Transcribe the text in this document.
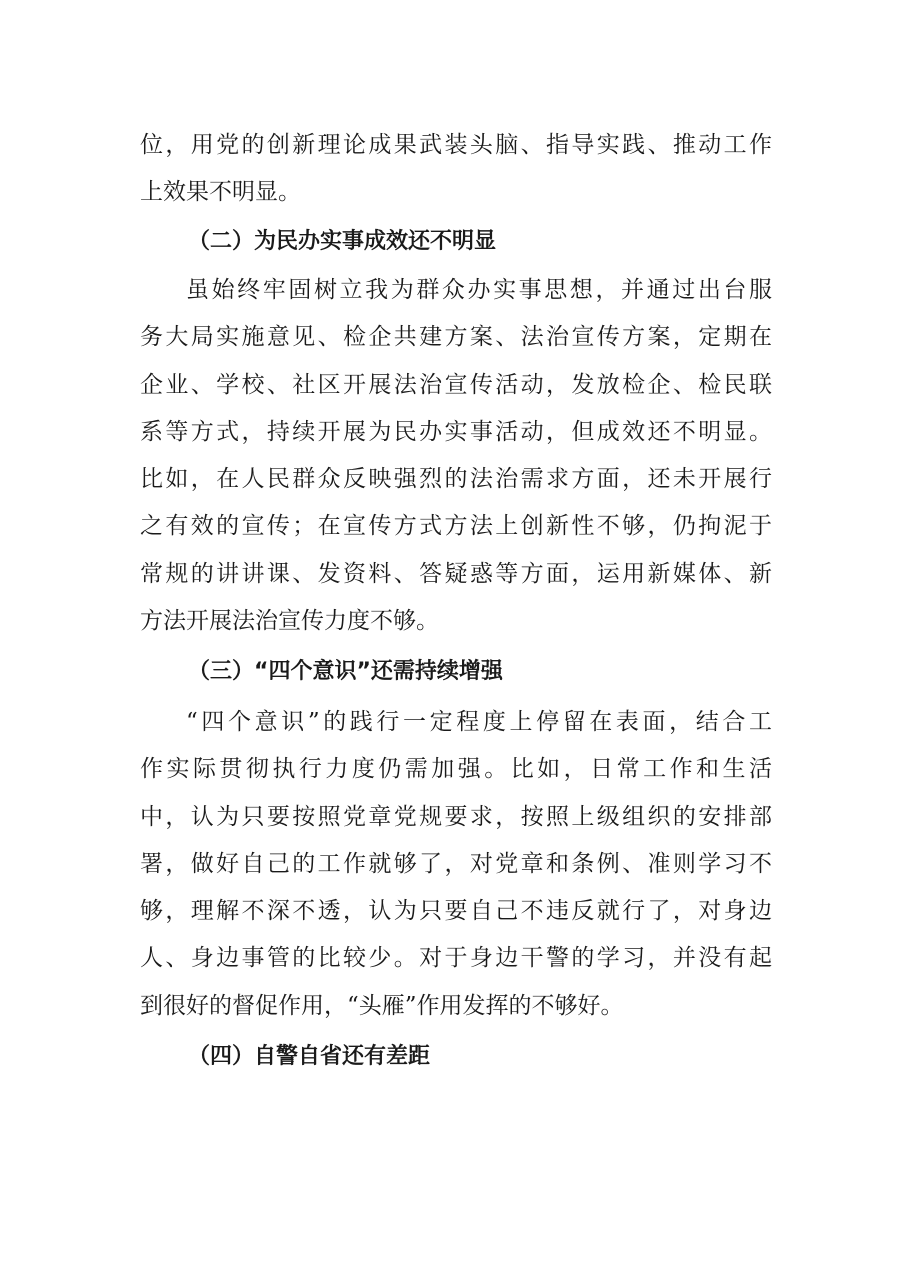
位，用党的创新理论成果武装头脑、指导实践、推动工作
上效果不明显。
（二）为民办实事成效还不明显
虽始终牢固树立我为群众办实事思想，并通过出台服
务大局实施意见、检企共建方案、法治宣传方案，定期在
企业、学校、社区开展法治宣传活动，发放检企、检民联
系等方式，持续开展为民办实事活动，但成效还不明显。
比如，在人民群众反映强烈的法治需求方面，还未开展行
之有效的宣传；在宣传方式方法上创新性不够，仍拘泥于
常规的讲讲课、发资料、答疑惑等方面，运用新媒体、新
方法开展法治宣传力度不够。
（三）“四个意识”还需持续增强
“四个意识”的践行一定程度上停留在表面，结合工
作实际贯彻执行力度仍需加强。比如，日常工作和生活
中，认为只要按照党章党规要求，按照上级组织的安排部
署，做好自己的工作就够了，对党章和条例、准则学习不
够，理解不深不透，认为只要自己不违反就行了，对身边
人、身边事管的比较少。对于身边干警的学习，并没有起
到很好的督促作用，“头雁”作用发挥的不够好。
（四）自警自省还有差距
